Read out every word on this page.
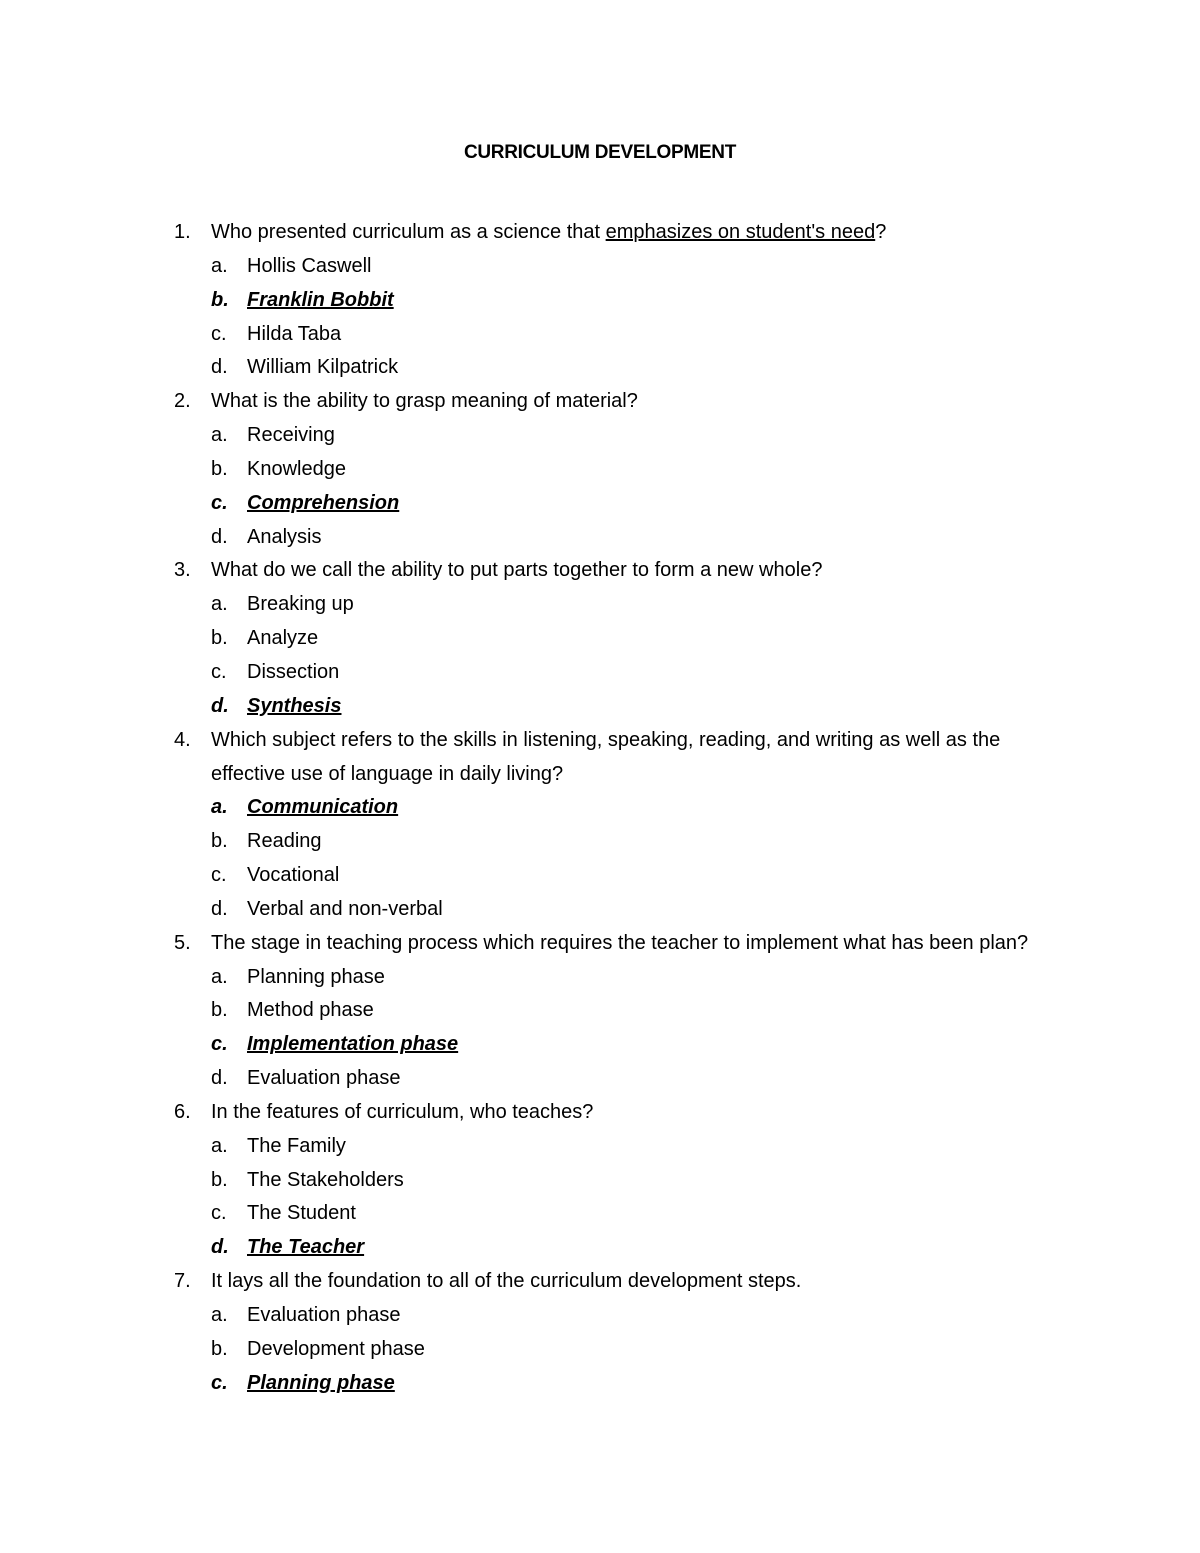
CURRICULUM DEVELOPMENT
1. Who presented curriculum as a science that emphasizes on student's need?
a. Hollis Caswell
b. Franklin Bobbit
c. Hilda Taba
d. William Kilpatrick
2. What is the ability to grasp meaning of material?
a. Receiving
b. Knowledge
c. Comprehension
d. Analysis
3. What do we call the ability to put parts together to form a new whole?
a. Breaking up
b. Analyze
c. Dissection
d. Synthesis
4. Which subject refers to the skills in listening, speaking, reading, and writing as well as the
effective use of language in daily living?
a. Communication
b. Reading
c. Vocational
d. Verbal and non-verbal
5. The stage in teaching process which requires the teacher to implement what has been plan?
a. Planning phase
b. Method phase
c. Implementation phase
d. Evaluation phase
6. In the features of curriculum, who teaches?
a. The Family
b. The Stakeholders
c. The Student
d. The Teacher
7. It lays all the foundation to all of the curriculum development steps.
a. Evaluation phase
b. Development phase
c. Planning phase
